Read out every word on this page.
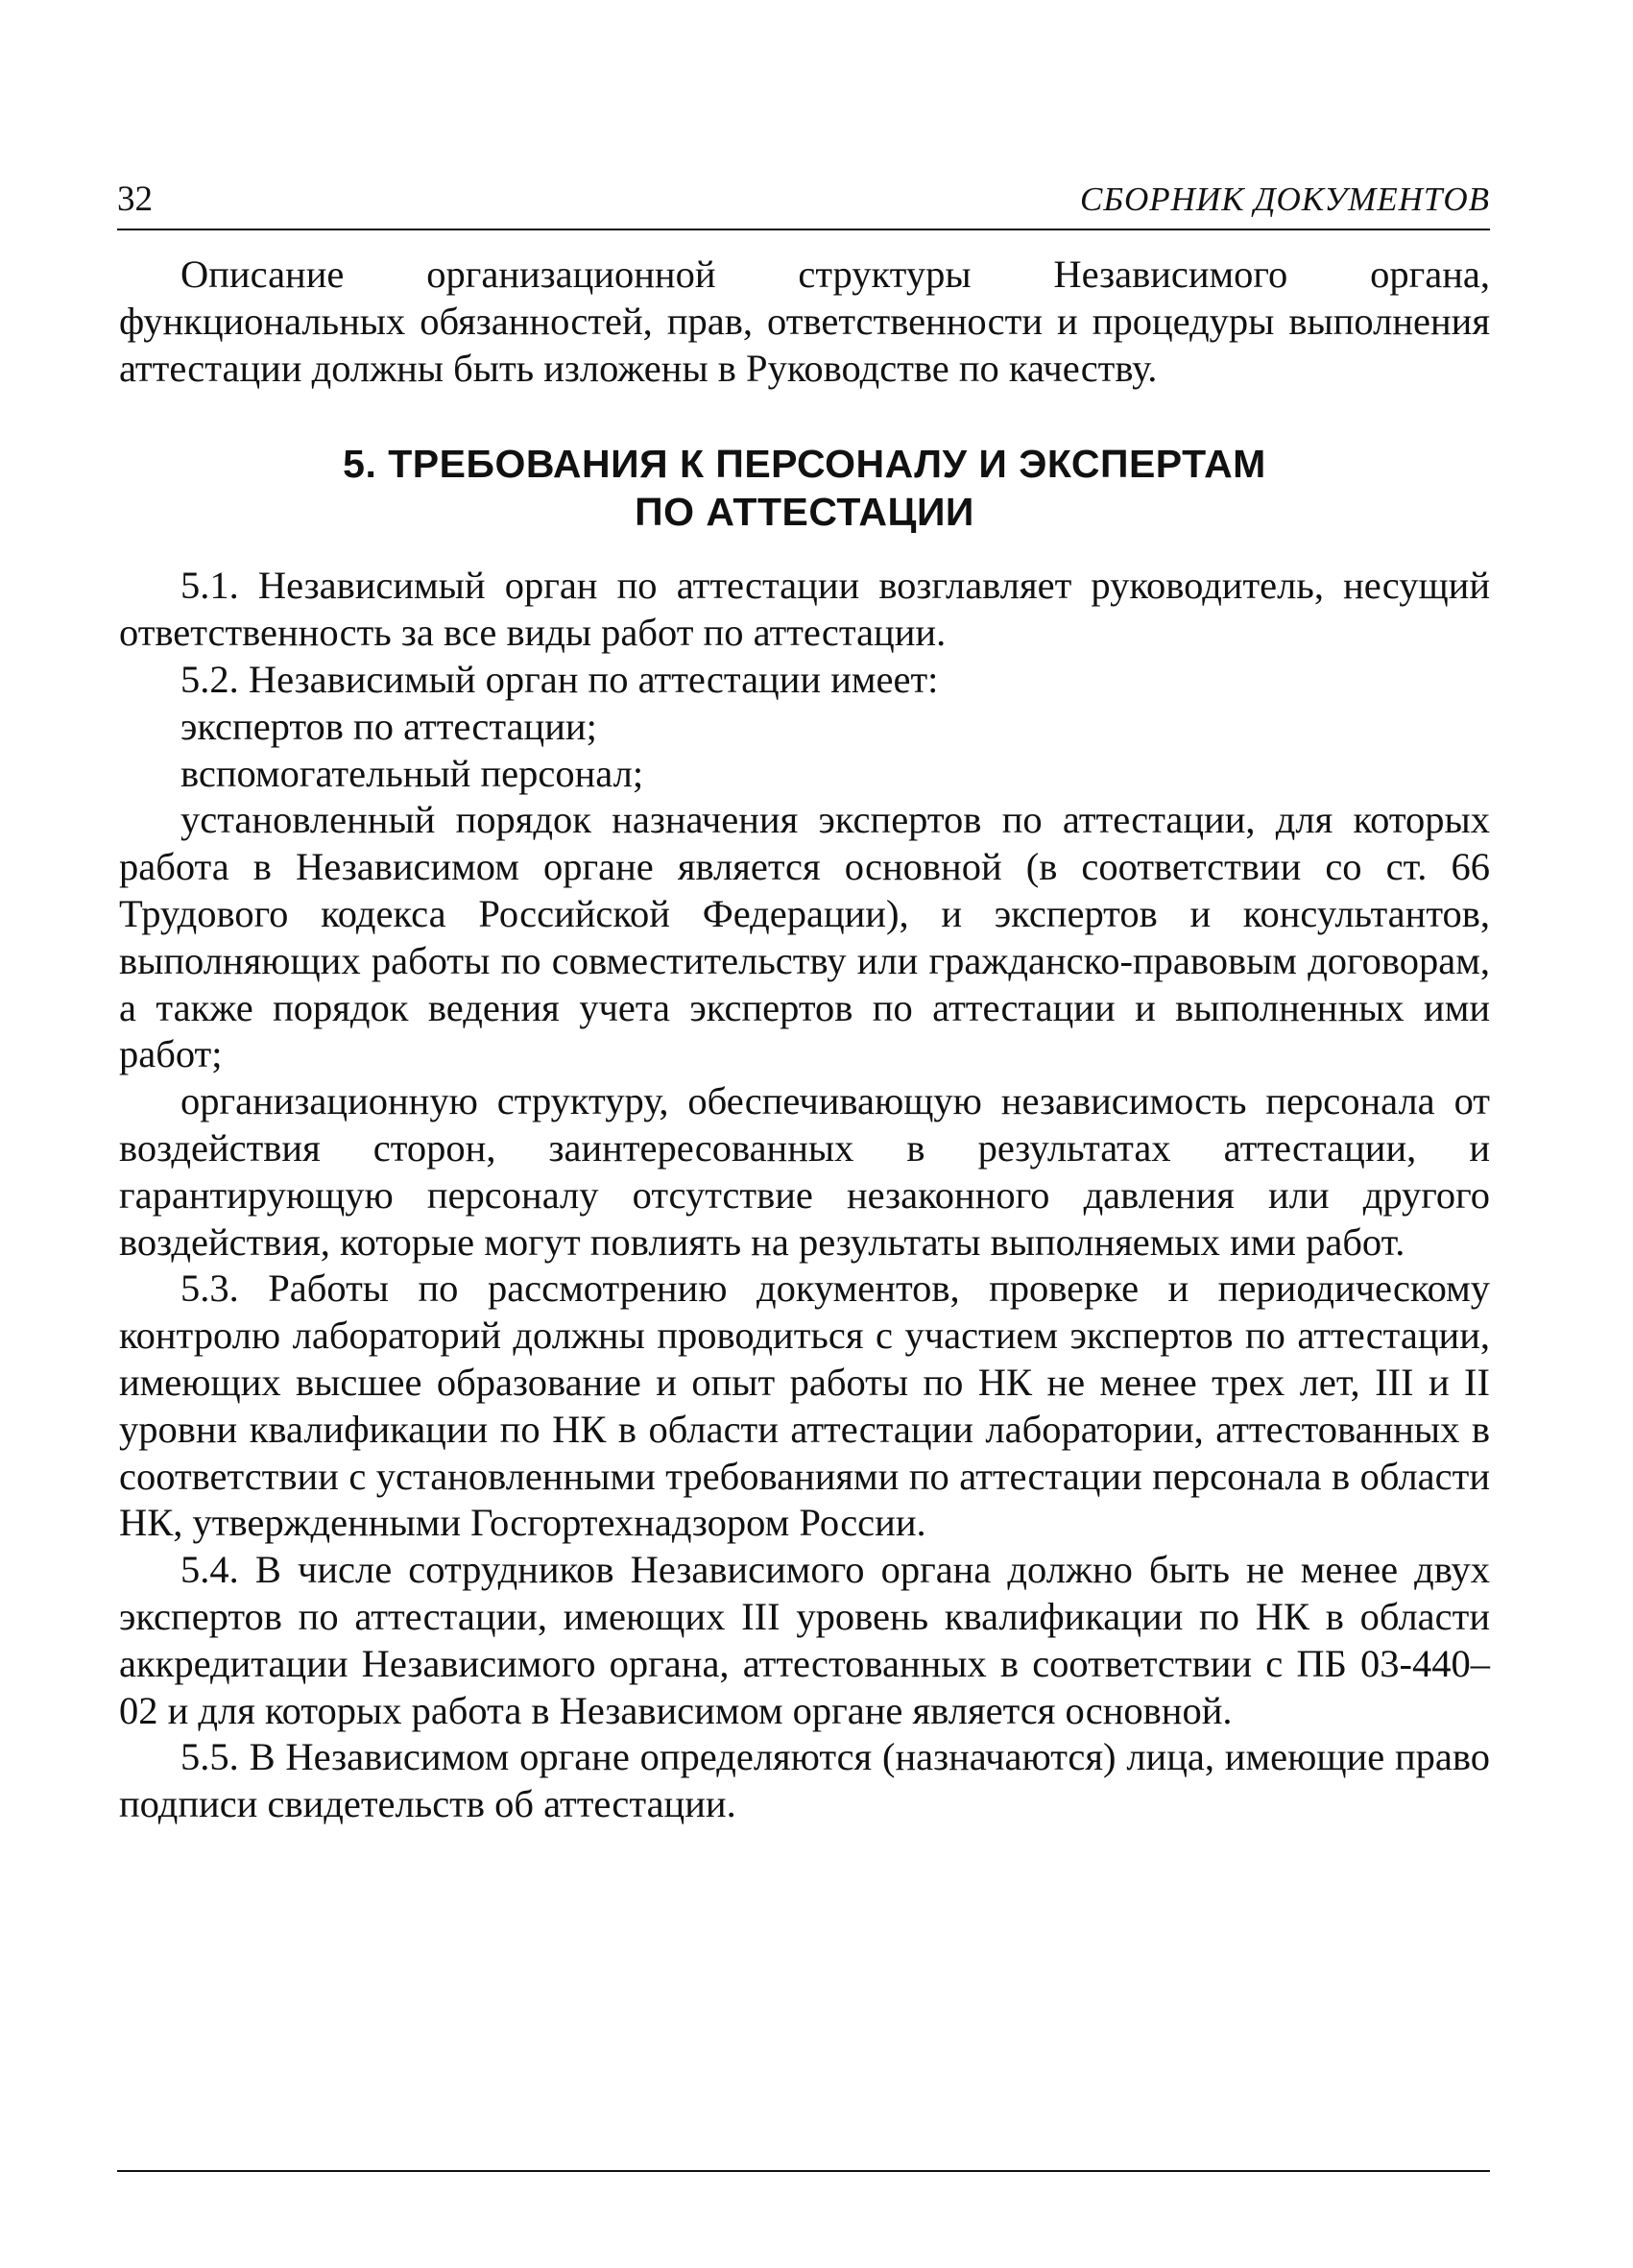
32	СБОРНИК ДОКУМЕНТОВ

Описание организационной структуры Независимого органа, функциональных обязанностей, прав, ответственности и процедуры выполнения аттестации должны быть изложены в Руководстве по качеству.

5. ТРЕБОВАНИЯ К ПЕРСОНАЛУ И ЭКСПЕРТАМ
ПО АТТЕСТАЦИИ

5.1. Независимый орган по аттестации возглавляет руководитель, несущий ответственность за все виды работ по аттестации.

5.2. Независимый орган по аттестации имеет:

экспертов по аттестации;

вспомогательный персонал;

установленный порядок назначения экспертов по аттестации, для которых работа в Независимом органе является основной (в соответствии со ст. 66 Трудового кодекса Российской Федерации), и экспертов и консультантов, выполняющих работы по совместительству или гражданско-правовым договорам, а также порядок ведения учета экспертов по аттестации и выполненных ими работ;

организационную структуру, обеспечивающую независимость персонала от воздействия сторон, заинтересованных в результатах аттестации, и гарантирующую персоналу отсутствие незаконного давления или другого воздействия, которые могут повлиять на результаты выполняемых ими работ.

5.3. Работы по рассмотрению документов, проверке и периодическому контролю лабораторий должны проводиться с участием экспертов по аттестации, имеющих высшее образование и опыт работы по НК не менее трех лет, III и II уровни квалификации по НК в области аттестации лаборатории, аттестованных в соответствии с установленными требованиями по аттестации персонала в области НК, утвержденными Госгортехнадзором России.

5.4. В числе сотрудников Независимого органа должно быть не менее двух экспертов по аттестации, имеющих III уровень квалификации по НК в области аккредитации Независимого органа, аттестованных в соответствии с ПБ 03-440–02 и для которых работа в Независимом органе является основной.

5.5. В Независимом органе определяются (назначаются) лица, имеющие право подписи свидетельств об аттестации.
